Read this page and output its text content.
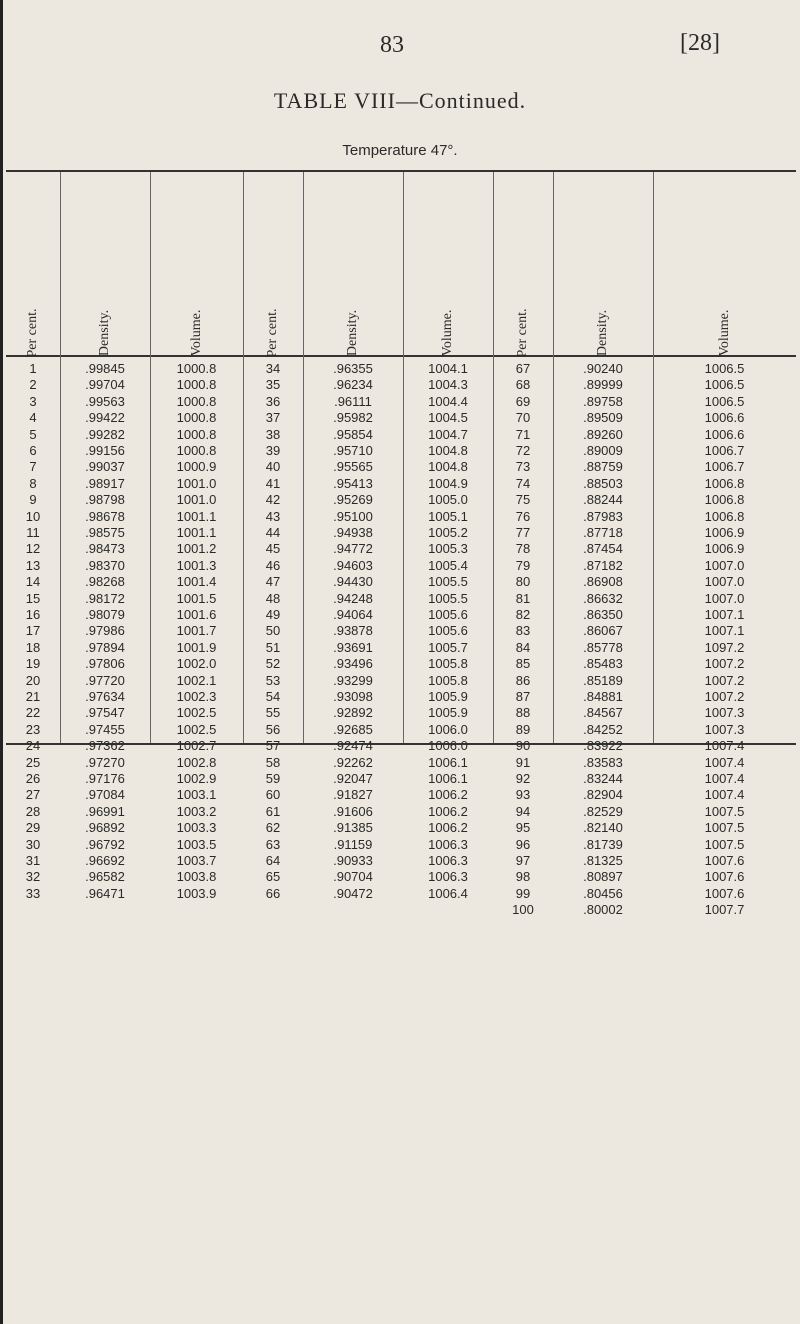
83	[28]
TABLE VIII—Continued.
Temperature 47°.
Per cent.	Density.	Volume.	Per cent.	Density.	Volume.	Per cent.	Density.	Volume.
1	.99845	1000.8
2	.99704	1000.8
3	.99563	1000.8
4	.99422	1000.8
5	.99282	1000.8
6	.99156	1000.8
7	.99037	1000.9
8	.98917	1001.0
9	.98798	1001.0
10	.98678	1001.1
11	.98575	1001.1
12	.98473	1001.2
13	.98370	1001.3
14	.98268	1001.4
15	.98172	1001.5
16	.98079	1001.6
17	.97986	1001.7
18	.97894	1001.9
19	.97806	1002.0
20	.97720	1002.1
21	.97634	1002.3
22	.97547	1002.5
23	.97455	1002.5
24	.97362	1002.7
25	.97270	1002.8
26	.97176	1002.9
27	.97084	1003.1
28	.96991	1003.2
29	.96892	1003.3
30	.96792	1003.5
31	.96692	1003.7
32	.96582	1003.8
33	.96471	1003.9
34	.96355	1004.1
35	.96234	1004.3
36	.96111	1004.4
37	.95982	1004.5
38	.95854	1004.7
39	.95710	1004.8
40	.95565	1004.8
41	.95413	1004.9
42	.95269	1005.0
43	.95100	1005.1
44	.94938	1005.2
45	.94772	1005.3
46	.94603	1005.4
47	.94430	1005.5
48	.94248	1005.5
49	.94064	1005.6
50	.93878	1005.6
51	.93691	1005.7
52	.93496	1005.8
53	.93299	1005.8
54	.93098	1005.9
55	.92892	1005.9
56	.92685	1006.0
57	.92474	1006.0
58	.92262	1006.1
59	.92047	1006.1
60	.91827	1006.2
61	.91606	1006.2
62	.91385	1006.2
63	.91159	1006.3
64	.90933	1006.3
65	.90704	1006.3
66	.90472	1006.4
67	.90240	1006.5
68	.89999	1006.5
69	.89758	1006.5
70	.89509	1006.6
71	.89260	1006.6
72	.89009	1006.7
73	.88759	1006.7
74	.88503	1006.8
75	.88244	1006.8
76	.87983	1006.8
77	.87718	1006.9
78	.87454	1006.9
79	.87182	1007.0
80	.86908	1007.0
81	.86632	1007.0
82	.86350	1007.1
83	.86067	1007.1
84	.85778	1097.2
85	.85483	1007.2
86	.85189	1007.2
87	.84881	1007.2
88	.84567	1007.3
89	.84252	1007.3
90	.83922	1007.4
91	.83583	1007.4
92	.83244	1007.4
93	.82904	1007.4
94	.82529	1007.5
95	.82140	1007.5
96	.81739	1007.5
97	.81325	1007.6
98	.80897	1007.6
99	.80456	1007.6
100	.80002	1007.7
